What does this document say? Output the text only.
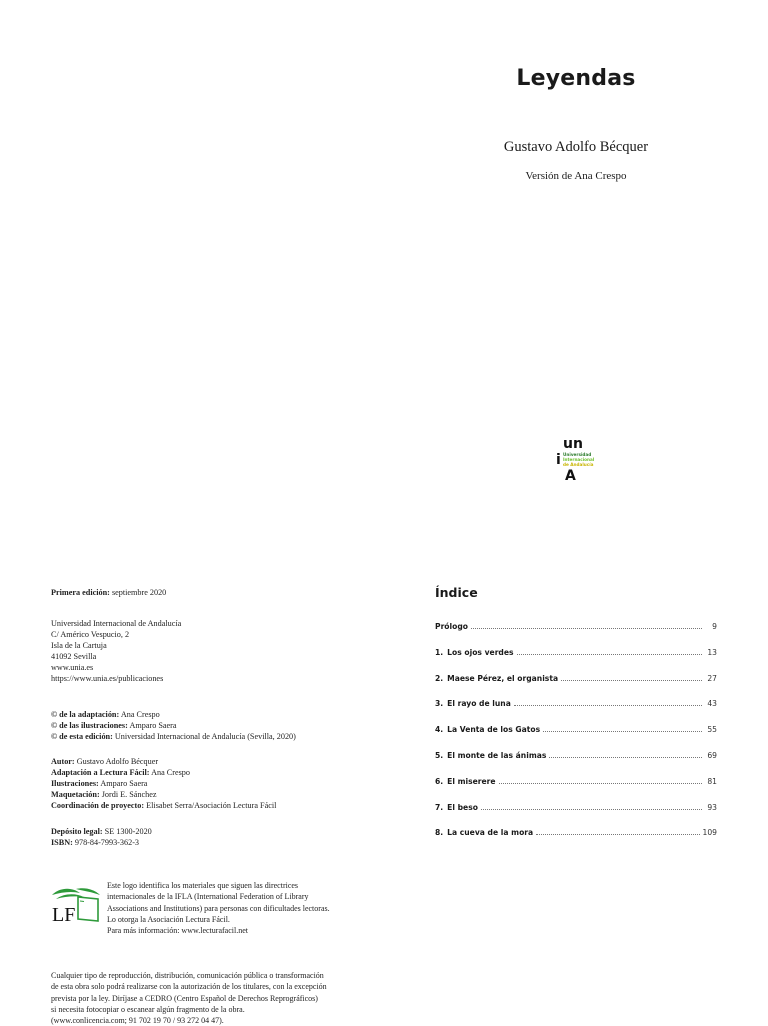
Leyendas
Gustavo Adolfo Bécquer
Versión de Ana Crespo
un
i Universidad
Internacional
de Andalucía
A
Primera edición: septiembre 2020
Universidad Internacional de Andalucía
C/ Américo Vespucio, 2
Isla de la Cartuja
41092 Sevilla
www.unia.es
https://www.unia.es/publicaciones
© de la adaptación: Ana Crespo
© de las ilustraciones: Amparo Saera
© de esta edición: Universidad Internacional de Andalucía (Sevilla, 2020)
Autor: Gustavo Adolfo Bécquer
Adaptación a Lectura Fácil: Ana Crespo
Ilustraciones: Amparo Saera
Maquetación: Jordi E. Sánchez
Coordinación de proyecto: Elisabet Serra/Asociación Lectura Fácil
Depósito legal: SE 1300-2020
ISBN: 978-84-7993-362-3
LF
Este logo identifica los materiales que siguen las directrices
internacionales de la IFLA (International Federation of Library
Associations and Institutions) para personas con dificultades lectoras.
Lo otorga la Asociación Lectura Fácil.
Para más información: www.lecturafacil.net
Cualquier tipo de reproducción, distribución, comunicación pública o transformación
de esta obra solo podrá realizarse con la autorización de los titulares, con la excepción
prevista por la ley. Diríjase a CEDRO (Centro Español de Derechos Reprográficos)
si necesita fotocopiar o escanear algún fragmento de la obra.
(www.conlicencia.com; 91 702 19 70 / 93 272 04 47).
Índice
Prólogo	9
1. Los ojos verdes	13
2. Maese Pérez, el organista	27
3. El rayo de luna	43
4. La Venta de los Gatos	55
5. El monte de las ánimas	69
6. El miserere	81
7. El beso	93
8. La cueva de la mora	109
